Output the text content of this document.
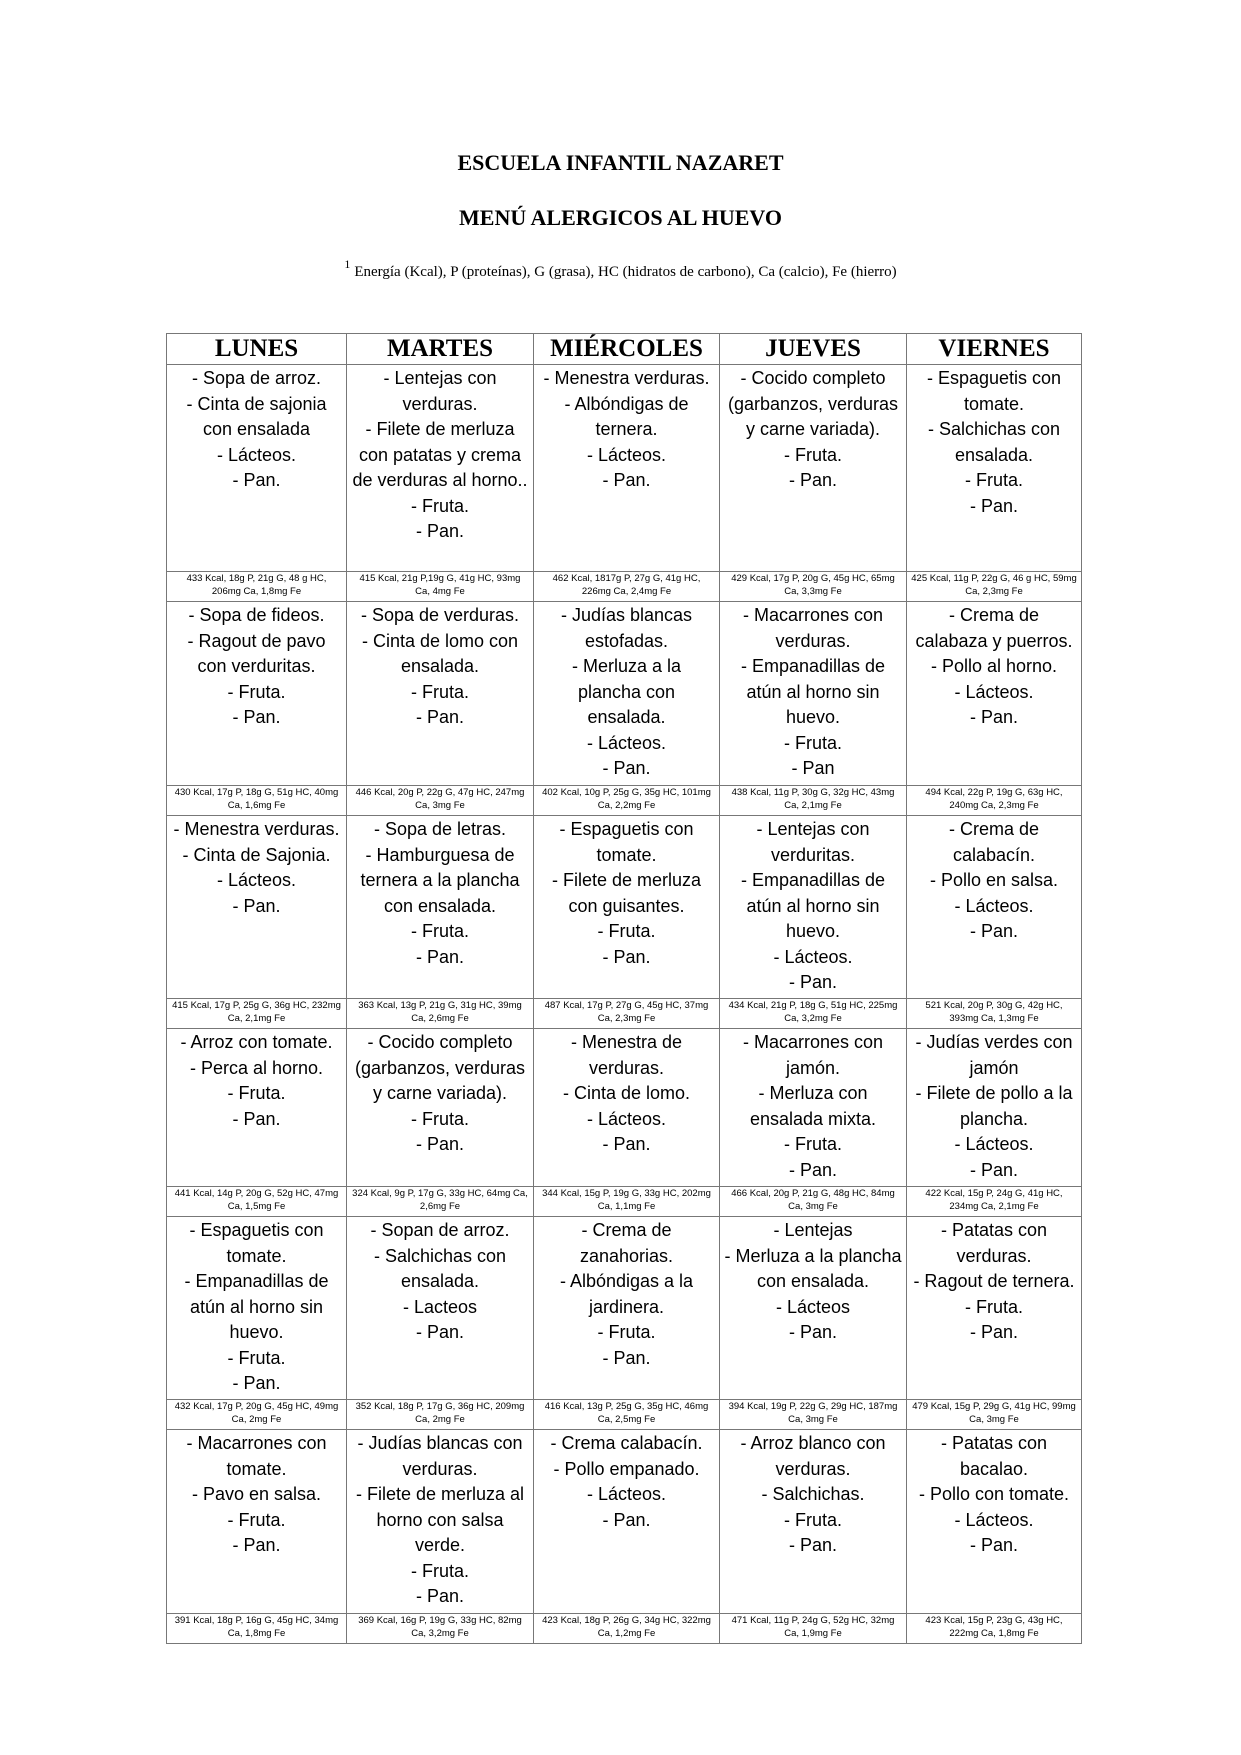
ESCUELA INFANTIL NAZARET
MENÚ ALERGICOS AL HUEVO
$^1$ Energía (Kcal), P (proteínas), G (grasa), HC (hidratos de carbono), Ca (calcio), Fe (hierro)
LUNES	MARTES	MIÉRCOLES	JUEVES	VIERNES

- Sopa de arroz.
- Cinta de sajonia con ensalada
- Lácteos.
- Pan.	- Lentejas con verduras.
- Filete de merluza con patatas y crema de verduras al horno..
- Fruta.
- Pan.	- Menestra verduras.
- Albóndigas de ternera.
- Lácteos.
- Pan.	- Cocido completo (garbanzos, verduras y carne variada).
- Fruta.
- Pan.	- Espaguetis con tomate.
- Salchichas con ensalada.
- Fruta.
- Pan.

433 Kcal, 18g P, 21g G, 48 g HC, 206mg Ca, 1,8mg Fe	415 Kcal, 21g P,19g G, 41g HC, 93mg Ca, 4mg Fe	462 Kcal, 1817g P, 27g G, 41g HC, 226mg Ca, 2,4mg Fe	429 Kcal, 17g P, 20g G, 45g HC, 65mg Ca, 3,3mg Fe	425 Kcal, 11g P, 22g G, 46 g HC, 59mg Ca, 2,3mg Fe

- Sopa de fideos.
- Ragout de pavo con verduritas.
- Fruta.
- Pan.	- Sopa de verduras.
- Cinta de lomo con ensalada.
- Fruta.
- Pan.	- Judías blancas estofadas.
- Merluza a la plancha con ensalada.
- Lácteos.
- Pan.	- Macarrones con verduras.
- Empanadillas de atún al horno sin huevo.
- Fruta.
- Pan	- Crema de calabaza y puerros.
- Pollo al horno.
- Lácteos.
- Pan.

430 Kcal, 17g P, 18g G, 51g HC, 40mg Ca, 1,6mg Fe	446 Kcal, 20g P, 22g G, 47g HC, 247mg Ca, 3mg Fe	402 Kcal, 10g P, 25g G, 35g HC, 101mg Ca, 2,2mg Fe	438 Kcal, 11g P, 30g G, 32g HC, 43mg Ca, 2,1mg Fe	494 Kcal, 22g P, 19g G, 63g HC, 240mg Ca, 2,3mg Fe

- Menestra verduras.
- Cinta de Sajonia.
- Lácteos.
- Pan.	- Sopa de letras.
- Hamburguesa de ternera a la plancha con ensalada.
- Fruta.
- Pan.	- Espaguetis con tomate.
- Filete de merluza con guisantes.
- Fruta.
- Pan.	- Lentejas con verduritas.
- Empanadillas de atún al horno sin huevo.
- Lácteos.
- Pan.	- Crema de calabacín.
- Pollo en salsa.
- Lácteos.
- Pan.

415 Kcal, 17g P, 25g G, 36g HC, 232mg Ca, 2,1mg Fe	363 Kcal, 13g P, 21g G, 31g HC, 39mg Ca, 2,6mg Fe	487 Kcal, 17g P, 27g G, 45g HC, 37mg Ca, 2,3mg Fe	434 Kcal, 21g P, 18g G, 51g HC, 225mg Ca, 3,2mg Fe	521 Kcal, 20g P, 30g G, 42g HC, 393mg Ca, 1,3mg Fe

- Arroz con tomate.
- Perca al horno.
- Fruta.
- Pan.	- Cocido completo (garbanzos, verduras y carne variada).
- Fruta.
- Pan.	- Menestra de verduras.
- Cinta de lomo.
- Lácteos.
- Pan.	- Macarrones con jamón.
- Merluza con ensalada mixta.
- Fruta.
- Pan.	- Judías verdes con jamón
- Filete de pollo a la plancha.
- Lácteos.
- Pan.

441 Kcal, 14g P, 20g G, 52g HC, 47mg Ca, 1,5mg Fe	324 Kcal, 9g P, 17g G, 33g HC, 64mg Ca, 2,6mg Fe	344 Kcal, 15g P, 19g G, 33g HC, 202mg Ca, 1,1mg Fe	466 Kcal, 20g P, 21g G, 48g HC, 84mg Ca, 3mg Fe	422 Kcal, 15g P, 24g G, 41g HC, 234mg Ca, 2,1mg Fe

- Espaguetis con tomate.
- Empanadillas de atún al horno sin huevo.
- Fruta.
- Pan.	- Sopan de arroz.
- Salchichas con ensalada.
- Lacteos
- Pan.	- Crema de zanahorias.
- Albóndigas a la jardinera.
- Fruta.
- Pan.	- Lentejas
- Merluza a la plancha con ensalada.
- Lácteos
- Pan.	- Patatas con verduras.
- Ragout de ternera.
- Fruta.
- Pan.

432 Kcal, 17g P, 20g G, 45g HC, 49mg Ca, 2mg Fe	352 Kcal, 18g P, 17g G, 36g HC, 209mg Ca, 2mg Fe	416 Kcal, 13g P, 25g G, 35g HC, 46mg Ca, 2,5mg Fe	394 Kcal, 19g P, 22g G, 29g HC, 187mg Ca, 3mg Fe	479 Kcal, 15g P, 29g G, 41g HC, 99mg Ca, 3mg Fe

- Macarrones con tomate.
- Pavo en salsa.
- Fruta.
- Pan.	- Judías blancas con verduras.
- Filete de merluza al horno con salsa verde.
- Fruta.
- Pan.	- Crema calabacín.
- Pollo empanado.
- Lácteos.
- Pan.	- Arroz blanco con verduras.
- Salchichas.
- Fruta.
- Pan.	- Patatas con bacalao.
- Pollo con tomate.
- Lácteos.
- Pan.

391 Kcal, 18g P, 16g G, 45g HC, 34mg Ca, 1,8mg Fe	369 Kcal, 16g P, 19g G, 33g HC, 82mg Ca, 3,2mg Fe	423 Kcal, 18g P, 26g G, 34g HC, 322mg Ca, 1,2mg Fe	471 Kcal, 11g P, 24g G, 52g HC, 32mg Ca, 1,9mg Fe	423 Kcal, 15g P, 23g G, 43g HC, 222mg Ca, 1,8mg Fe
